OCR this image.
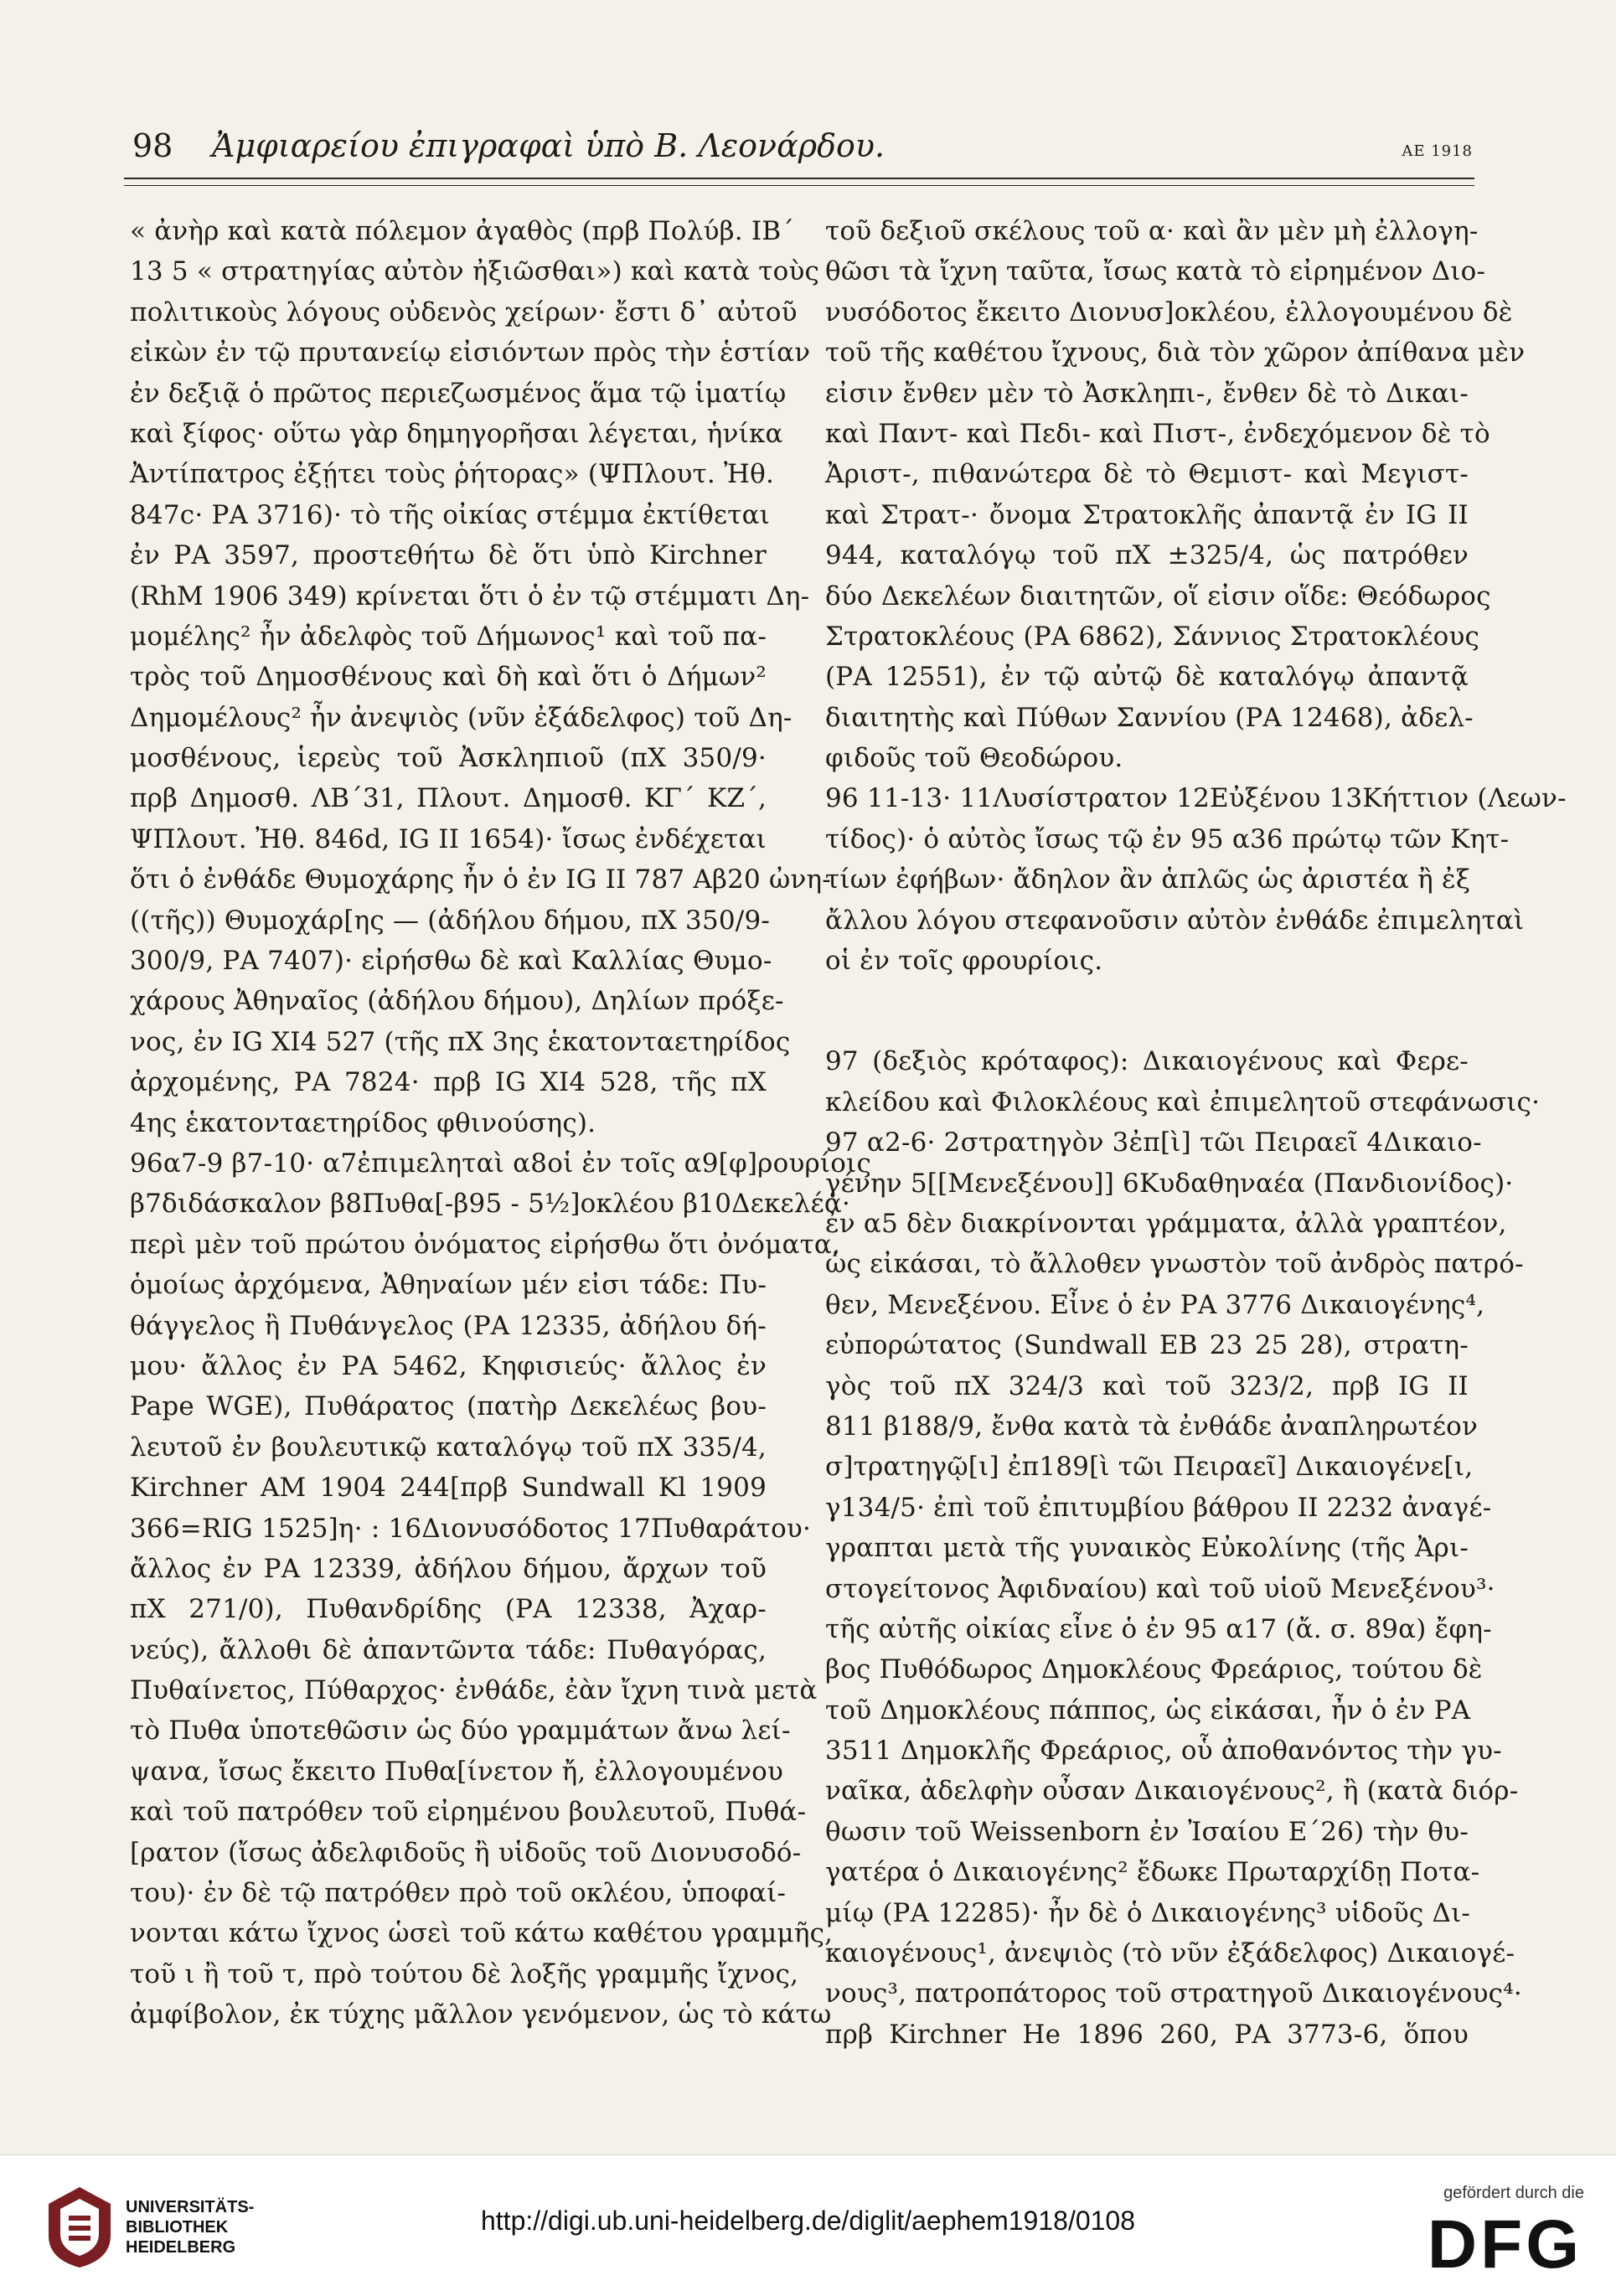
98 Ἀμφιαρείου ἐπιγραφαὶ ὑπὸ Β. Λεονάρδου.	ΑΕ 1918
« ἀνὴρ καὶ κατὰ πόλεμον ἀγαθὸς (πρβ Πολύβ. ΙΒ´
13 5 « στρατηγίας αὐτὸν ἠξιῶσθαι») καὶ κατὰ τοὺς
πολιτικοὺς λόγους οὐδενὸς χείρων· ἔστι δ᾿ αὐτοῦ
εἰκὼν ἐν τῷ πρυτανείῳ εἰσιόντων πρὸς τὴν ἑστίαν
ἐν δεξιᾷ ὁ πρῶτος περιεζωσμένος ἅμα τῷ ἱματίῳ
καὶ ξίφος· οὕτω γὰρ δημηγορῆσαι λέγεται, ἡνίκα
Ἀντίπατρος ἐξῄτει τοὺς ῥήτορας» (ΨΠλουτ. Ἠθ.
847c· ΡΑ 3716)· τὸ τῆς οἰκίας στέμμα ἐκτίθεται
ἐν ΡΑ 3597, προστεθήτω δὲ ὅτι ὑπὸ Kirchner
(RhM 1906 349) κρίνεται ὅτι ὁ ἐν τῷ στέμματι Δη-
μομέλης² ἦν ἀδελφὸς τοῦ Δήμωνος¹ καὶ τοῦ πα-
τρὸς τοῦ Δημοσθένους καὶ δὴ καὶ ὅτι ὁ Δήμων²
Δημομέλους² ἦν ἀνεψιὸς (νῦν ἐξάδελφος) τοῦ Δη-
μοσθένους, ἱερεὺς τοῦ Ἀσκληπιοῦ (πΧ 350/9·
πρβ Δημοσθ. ΛΒ´31, Πλουτ. Δημοσθ. ΚΓ´ ΚΖ´,
ΨΠλουτ. Ἠθ. 846d, IG II 1654)· ἴσως ἐνδέχεται
ὅτι ὁ ἐνθάδε Θυμοχάρης ἦν ὁ ἐν IG II 787 Αβ20 ὠνη-
((τῆς)) Θυμοχάρ[ης — (ἀδήλου δήμου, πΧ 350/9-
300/9, ΡΑ 7407)· εἰρήσθω δὲ καὶ Καλλίας Θυμο-
χάρους Ἀθηναῖος (ἀδήλου δήμου), Δηλίων πρόξε-
νος, ἐν IG XI4 527 (τῆς πΧ 3ης ἑκατονταετηρίδος
ἀρχομένης, ΡΑ 7824· πρβ IG XI4 528, τῆς πΧ
4ης ἑκατονταετηρίδος φθινούσης).
96α7-9 β7-10· α7ἐπιμεληταὶ α8οἱ ἐν τοῖς α9[φ]ρουρίοις
β7διδάσκαλον β8Πυθα[-β95 - 5½]οκλέου β10Δεκελέα·
περὶ μὲν τοῦ πρώτου ὀνόματος εἰρήσθω ὅτι ὀνόματα,
ὁμοίως ἀρχόμενα, Ἀθηναίων μέν εἰσι τάδε: Πυ-
θάγγελος ἢ Πυθάνγελος (ΡΑ 12335, ἀδήλου δή-
μου· ἄλλος ἐν ΡΑ 5462, Κηφισιεύς· ἄλλος ἐν
Pape WGE), Πυθάρατος (πατὴρ Δεκελέως βου-
λευτοῦ ἐν βουλευτικῷ καταλόγῳ τοῦ πΧ 335/4,
Kirchner ΑΜ 1904 244[πρβ Sundwall Kl 1909
366=RIG 1525]η· : 16Διονυσόδοτος 17Πυθαράτου·
ἄλλος ἐν ΡΑ 12339, ἀδήλου δήμου, ἄρχων τοῦ
πΧ 271/0), Πυθανδρίδης (ΡΑ 12338, Ἀχαρ-
νεύς), ἄλλοθι δὲ ἀπαντῶντα τάδε: Πυθαγόρας,
Πυθαίνετος, Πύθαρχος· ἐνθάδε, ἐὰν ἴχνη τινὰ μετὰ
τὸ Πυθα ὑποτεθῶσιν ὡς δύο γραμμάτων ἄνω λεί-
ψανα, ἴσως ἔκειτο Πυθα[ίνετον ἤ, ἐλλογουμένου
καὶ τοῦ πατρόθεν τοῦ εἰρημένου βουλευτοῦ, Πυθά-
[ρατον (ἴσως ἀδελφιδοῦς ἢ υἱδοῦς τοῦ Διονυσοδό-
του)· ἐν δὲ τῷ πατρόθεν πρὸ τοῦ οκλέου, ὑποφαί-
νονται κάτω ἴχνος ὡσεὶ τοῦ κάτω καθέτου γραμμῆς,
τοῦ ι ἢ τοῦ τ, πρὸ τούτου δὲ λοξῆς γραμμῆς ἴχνος,
ἀμφίβολον, ἐκ τύχης μᾶλλον γενόμενον, ὡς τὸ κάτω
τοῦ δεξιοῦ σκέλους τοῦ α· καὶ ἂν μὲν μὴ ἐλλογη-
θῶσι τὰ ἴχνη ταῦτα, ἴσως κατὰ τὸ εἰρημένον Διο-
νυσόδοτος ἔκειτο Διονυσ]οκλέου, ἐλλογουμένου δὲ
τοῦ τῆς καθέτου ἴχνους, διὰ τὸν χῶρον ἀπίθανα μὲν
εἰσιν ἔνθεν μὲν τὸ Ἀσκληπι-, ἔνθεν δὲ τὸ Δικαι-
καὶ Παντ- καὶ Πεδι- καὶ Πιστ-, ἐνδεχόμενον δὲ τὸ
Ἀριστ-, πιθανώτερα δὲ τὸ Θεμιστ- καὶ Μεγιστ-
καὶ Στρατ-· ὄνομα Στρατοκλῆς ἀπαντᾷ ἐν IG II
944, καταλόγῳ τοῦ πΧ ±325/4, ὡς πατρόθεν
δύο Δεκελέων διαιτητῶν, οἵ εἰσιν οἵδε: Θεόδωρος
Στρατοκλέους (ΡΑ 6862), Σάννιος Στρατοκλέους
(ΡΑ 12551), ἐν τῷ αὐτῷ δὲ καταλόγῳ ἀπαντᾷ
διαιτητὴς καὶ Πύθων Σαννίου (ΡΑ 12468), ἀδελ-
φιδοῦς τοῦ Θεοδώρου.
96 11-13· 11Λυσίστρατον 12Εὐξένου 13Κήττιον (Λεων-
τίδος)· ὁ αὐτὸς ἴσως τῷ ἐν 95 α36 πρώτῳ τῶν Κητ-
τίων ἐφήβων· ἄδηλον ἂν ἁπλῶς ὡς ἀριστέα ἢ ἐξ
ἄλλου λόγου στεφανοῦσιν αὐτὸν ἐνθάδε ἐπιμεληταὶ
οἱ ἐν τοῖς φρουρίοις.
97 (δεξιὸς κρόταφος): Δικαιογένους καὶ Φερε-
κλείδου καὶ Φιλοκλέους καὶ ἐπιμελητοῦ στεφάνωσις·
97 α2-6· 2στρατηγὸν 3ἐπ[ὶ] τῶι Πειραεῖ 4Δικαιο-
γένην 5[[Μενεξένου]] 6Κυδαθηναέα (Πανδιονίδος)·
ἐν α5 δὲν διακρίνονται γράμματα, ἀλλὰ γραπτέον,
ὡς εἰκάσαι, τὸ ἄλλοθεν γνωστὸν τοῦ ἀνδρὸς πατρό-
θεν, Μενεξένου. Εἶνε ὁ ἐν ΡΑ 3776 Δικαιογένης⁴,
εὐπορώτατος (Sundwall EB 23 25 28), στρατη-
γὸς τοῦ πΧ 324/3 καὶ τοῦ 323/2, πρβ IG II
811 β188/9, ἔνθα κατὰ τὰ ἐνθάδε ἀναπληρωτέον
σ]τρατηγῷ[ι] ἐπ189[ὶ τῶι Πειραεῖ] Δικαιογένε[ι,
γ134/5· ἐπὶ τοῦ ἐπιτυμβίου βάθρου II 2232 ἀναγέ-
γραπται μετὰ τῆς γυναικὸς Εὐκολίνης (τῆς Ἀρι-
στογείτονος Ἀφιδναίου) καὶ τοῦ υἱοῦ Μενεξένου³·
τῆς αὐτῆς οἰκίας εἶνε ὁ ἐν 95 α17 (ἄ. σ. 89α) ἔφη-
βος Πυθόδωρος Δημοκλέους Φρεάριος, τούτου δὲ
τοῦ Δημοκλέους πάππος, ὡς εἰκάσαι, ἦν ὁ ἐν ΡΑ
3511 Δημοκλῆς Φρεάριος, οὗ ἀποθανόντος τὴν γυ-
ναῖκα, ἀδελφὴν οὖσαν Δικαιογένους², ἢ (κατὰ διόρ-
θωσιν τοῦ Weissenborn ἐν Ἰσαίου Ε´26) τὴν θυ-
γατέρα ὁ Δικαιογένης² ἔδωκε Πρωταρχίδῃ Ποτα-
μίῳ (ΡΑ 12285)· ἦν δὲ ὁ Δικαιογένης³ υἱδοῦς Δι-
καιογένους¹, ἀνεψιὸς (τὸ νῦν ἐξάδελφος) Δικαιογέ-
νους³, πατροπάτορος τοῦ στρατηγοῦ Δικαιογένους⁴·
πρβ Kirchner Ηe 1896 260, ΡΑ 3773-6, ὅπου
UNIVERSITÄTS-
BIBLIOTHEK
HEIDELBERG
http://digi.ub.uni-heidelberg.de/diglit/aephem1918/0108
gefördert durch die
DFG
